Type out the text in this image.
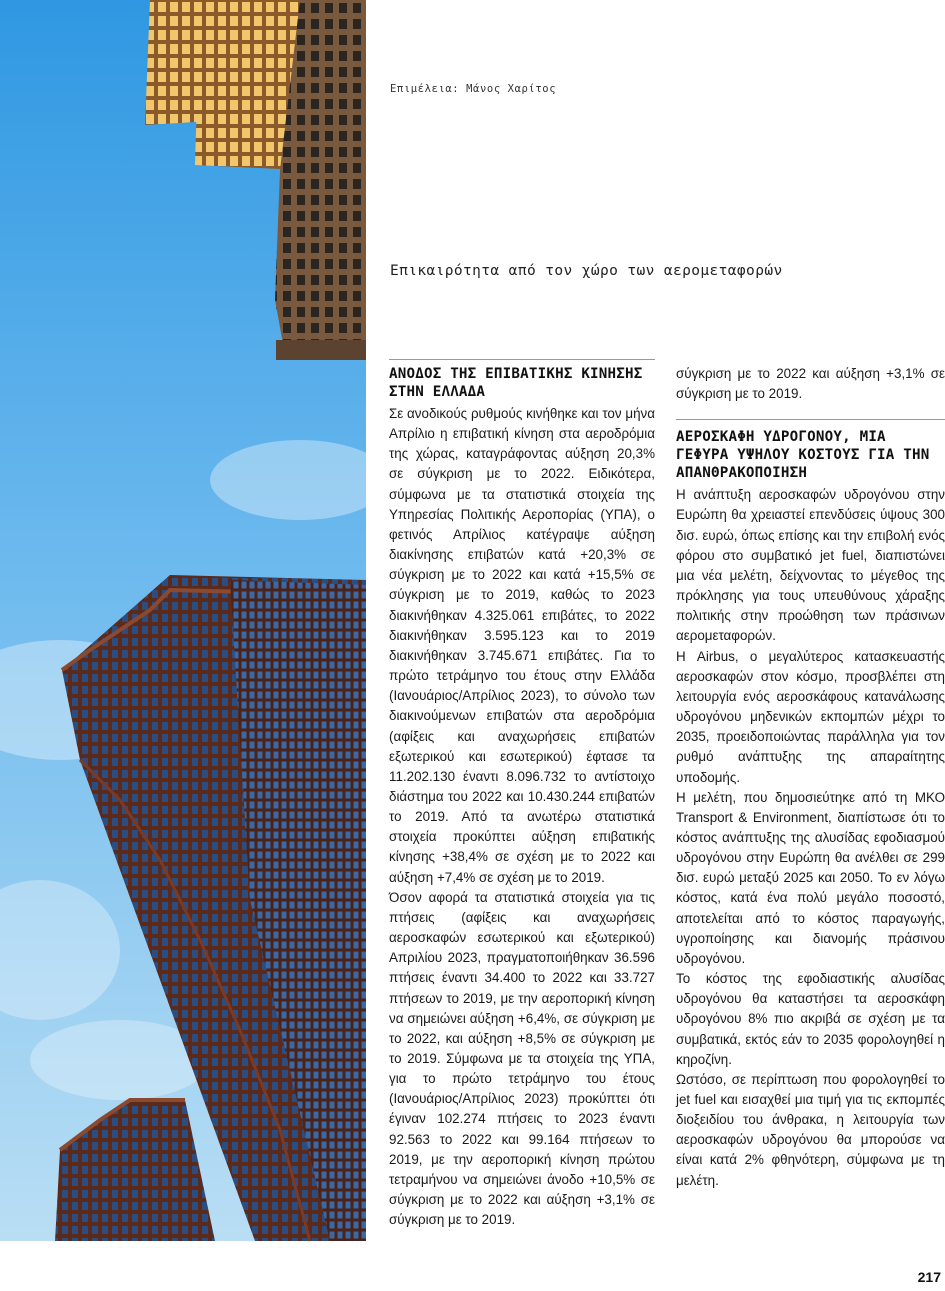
Επιμέλεια: Μάνος Χαρίτος
Επικαιρότητα από τον χώρο των αερομεταφορών
ΑΝΟΔΟΣ ΤΗΣ ΕΠΙΒΑΤΙΚΗΣ ΚΙΝΗΣΗΣ ΣΤΗΝ ΕΛΛΑΔΑ

Σε ανοδικούς ρυθμούς κινήθηκε και τον μήνα Απρίλιο η επιβατική κίνηση στα αεροδρόμια της χώρας, καταγράφοντας αύξηση 20,3% σε σύγκριση με το 2022. Ειδικότερα, σύμφωνα με τα στατιστικά στοιχεία της Υπηρεσίας Πολιτικής Αεροπορίας (ΥΠΑ), ο φετινός Απρίλιος κατέγραψε αύξηση διακίνησης επιβατών κατά +20,3% σε σύγκριση με το 2022 και κατά +15,5% σε σύγκριση με το 2019, καθώς το 2023 διακινήθηκαν 4.325.061 επιβάτες, το 2022 διακινήθηκαν 3.595.123 και το 2019 διακινήθηκαν 3.745.671 επιβάτες. Για το πρώτο τετράμηνο του έτους στην Ελλάδα (Ιανουάριος/Απρίλιος 2023), το σύνολο των διακινούμενων επιβατών στα αεροδρόμια (αφίξεις και αναχωρήσεις επιβατών εξωτερικού και εσωτερικού) έφτασε τα 11.202.130 έναντι 8.096.732 το αντίστοιχο διάστημα του 2022 και 10.430.244 επιβατών το 2019. Από τα ανωτέρω στατιστικά στοιχεία προκύπτει αύξηση επιβατικής κίνησης +38,4% σε σχέση με το 2022 και αύξηση +7,4% σε σχέση με το 2019.

Όσον αφορά τα στατιστικά στοιχεία για τις πτήσεις (αφίξεις και αναχωρήσεις αεροσκαφών εσωτερικού και εξωτερικού) Απριλίου 2023, πραγματοποιήθηκαν 36.596 πτήσεις έναντι 34.400 το 2022 και 33.727 πτήσεων το 2019, με την αεροπορική κίνηση να σημειώνει αύξηση +6,4%, σε σύγκριση με το 2022, και αύξηση +8,5% σε σύγκριση με το 2019. Σύμφωνα με τα στοιχεία της ΥΠΑ, για το πρώτο τετράμηνο του έτους (Ιανουάριος/Απρίλιος 2023) προκύπτει ότι έγιναν 102.274 πτήσεις το 2023 έναντι 92.563 το 2022 και 99.164 πτήσεων το 2019, με την αεροπορική κίνηση πρώτου τετραμήνου να σημειώνει άνοδο +10,5% σε σύγκριση με το 2022 και αύξηση +3,1% σε σύγκριση με το 2019.

σύγκριση με το 2022 και αύξηση +3,1% σε σύγκριση με το 2019.

ΑΕΡΟΣΚΑΦΗ ΥΔΡΟΓΟΝΟΥ, ΜΙΑ ΓΕΦΥΡΑ ΥΨΗΛΟΥ ΚΟΣΤΟΥΣ ΓΙΑ ΤΗΝ ΑΠΑΝΘΡΑΚΟΠΟΙΗΣΗ

Η ανάπτυξη αεροσκαφών υδρογόνου στην Ευρώπη θα χρειαστεί επενδύσεις ύψους 300 δισ. ευρώ, όπως επίσης και την επιβολή ενός φόρου στο συμβατικό jet fuel, διαπιστώνει μια νέα μελέτη, δείχνοντας το μέγεθος της πρόκλησης για τους υπευθύνους χάραξης πολιτικής στην προώθηση των πράσινων αερομεταφορών.

Η Airbus, ο μεγαλύτερος κατασκευαστής αεροσκαφών στον κόσμο, προσβλέπει στη λειτουργία ενός αεροσκάφους κατανάλωσης υδρογόνου μηδενικών εκπομπών μέχρι το 2035, προειδοποιώντας παράλληλα για τον ρυθμό ανάπτυξης της απαραίτητης υποδομής.

Η μελέτη, που δημοσιεύτηκε από τη ΜΚΟ Transport & Environment, διαπίστωσε ότι το κόστος ανάπτυξης της αλυσίδας εφοδιασμού υδρογόνου στην Ευρώπη θα ανέλθει σε 299 δισ. ευρώ μεταξύ 2025 και 2050. Το εν λόγω κόστος, κατά ένα πολύ μεγάλο ποσοστό, αποτελείται από το κόστος παραγωγής, υγροποίησης και διανομής πράσινου υδρογόνου.

Το κόστος της εφοδιαστικής αλυσίδας υδρογόνου θα καταστήσει τα αεροσκάφη υδρογόνου 8% πιο ακριβά σε σχέση με τα συμβατικά, εκτός εάν το 2035 φορολογηθεί η κηροζίνη.

Ωστόσο, σε περίπτωση που φορολογηθεί το jet fuel και εισαχθεί μια τιμή για τις εκπομπές διοξειδίου του άνθρακα, η λειτουργία των αεροσκαφών υδρογόνου θα μπορούσε να είναι κατά 2% φθηνότερη, σύμφωνα με τη μελέτη.

217
